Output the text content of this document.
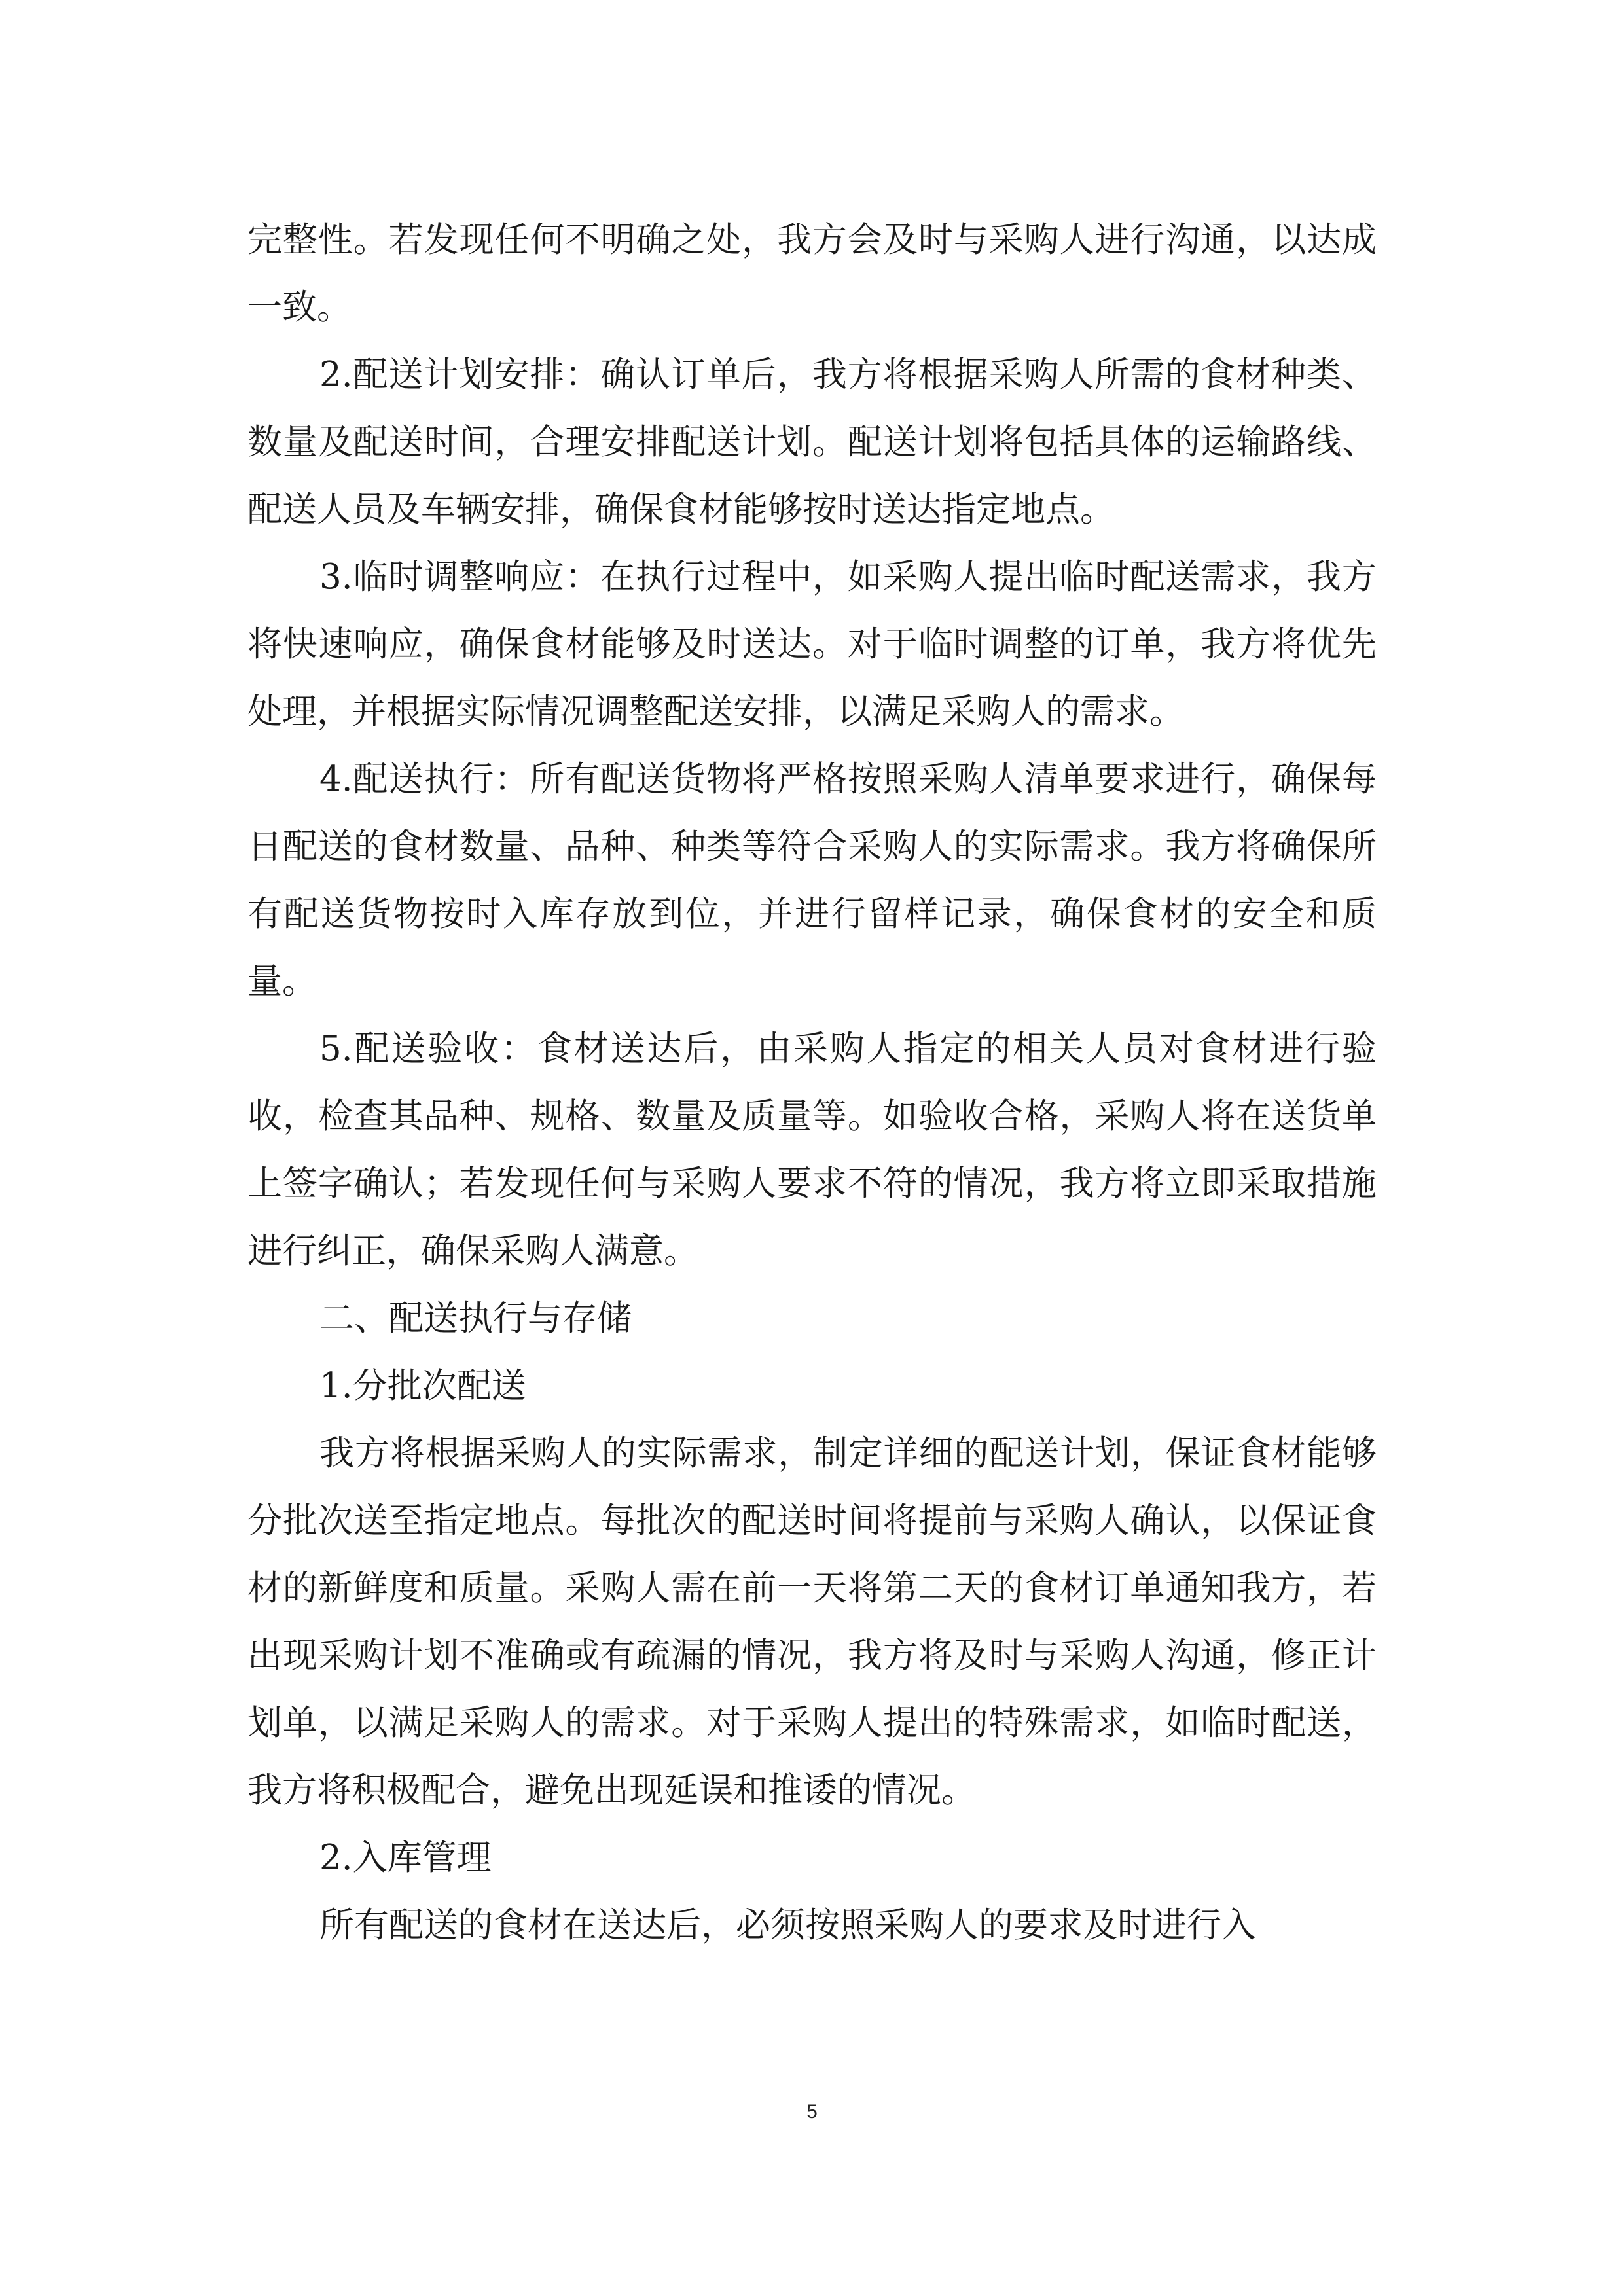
完整性。若发现任何不明确之处，我方会及时与采购人进行沟通，以达成一致。

2.配送计划安排：确认订单后，我方将根据采购人所需的食材种类、数量及配送时间，合理安排配送计划。配送计划将包括具体的运输路线、配送人员及车辆安排，确保食材能够按时送达指定地点。

3.临时调整响应：在执行过程中，如采购人提出临时配送需求，我方将快速响应，确保食材能够及时送达。对于临时调整的订单，我方将优先处理，并根据实际情况调整配送安排，以满足采购人的需求。

4.配送执行：所有配送货物将严格按照采购人清单要求进行，确保每日配送的食材数量、品种、种类等符合采购人的实际需求。我方将确保所有配送货物按时入库存放到位，并进行留样记录，确保食材的安全和质量。

5.配送验收：食材送达后，由采购人指定的相关人员对食材进行验收，检查其品种、规格、数量及质量等。如验收合格，采购人将在送货单上签字确认；若发现任何与采购人要求不符的情况，我方将立即采取措施进行纠正，确保采购人满意。

二、配送执行与存储

1.分批次配送

我方将根据采购人的实际需求，制定详细的配送计划，保证食材能够分批次送至指定地点。每批次的配送时间将提前与采购人确认，以保证食材的新鲜度和质量。采购人需在前一天将第二天的食材订单通知我方，若出现采购计划不准确或有疏漏的情况，我方将及时与采购人沟通，修正计划单，以满足采购人的需求。对于采购人提出的特殊需求，如临时配送，我方将积极配合，避免出现延误和推诿的情况。

2.入库管理

所有配送的食材在送达后，必须按照采购人的要求及时进行入

5
